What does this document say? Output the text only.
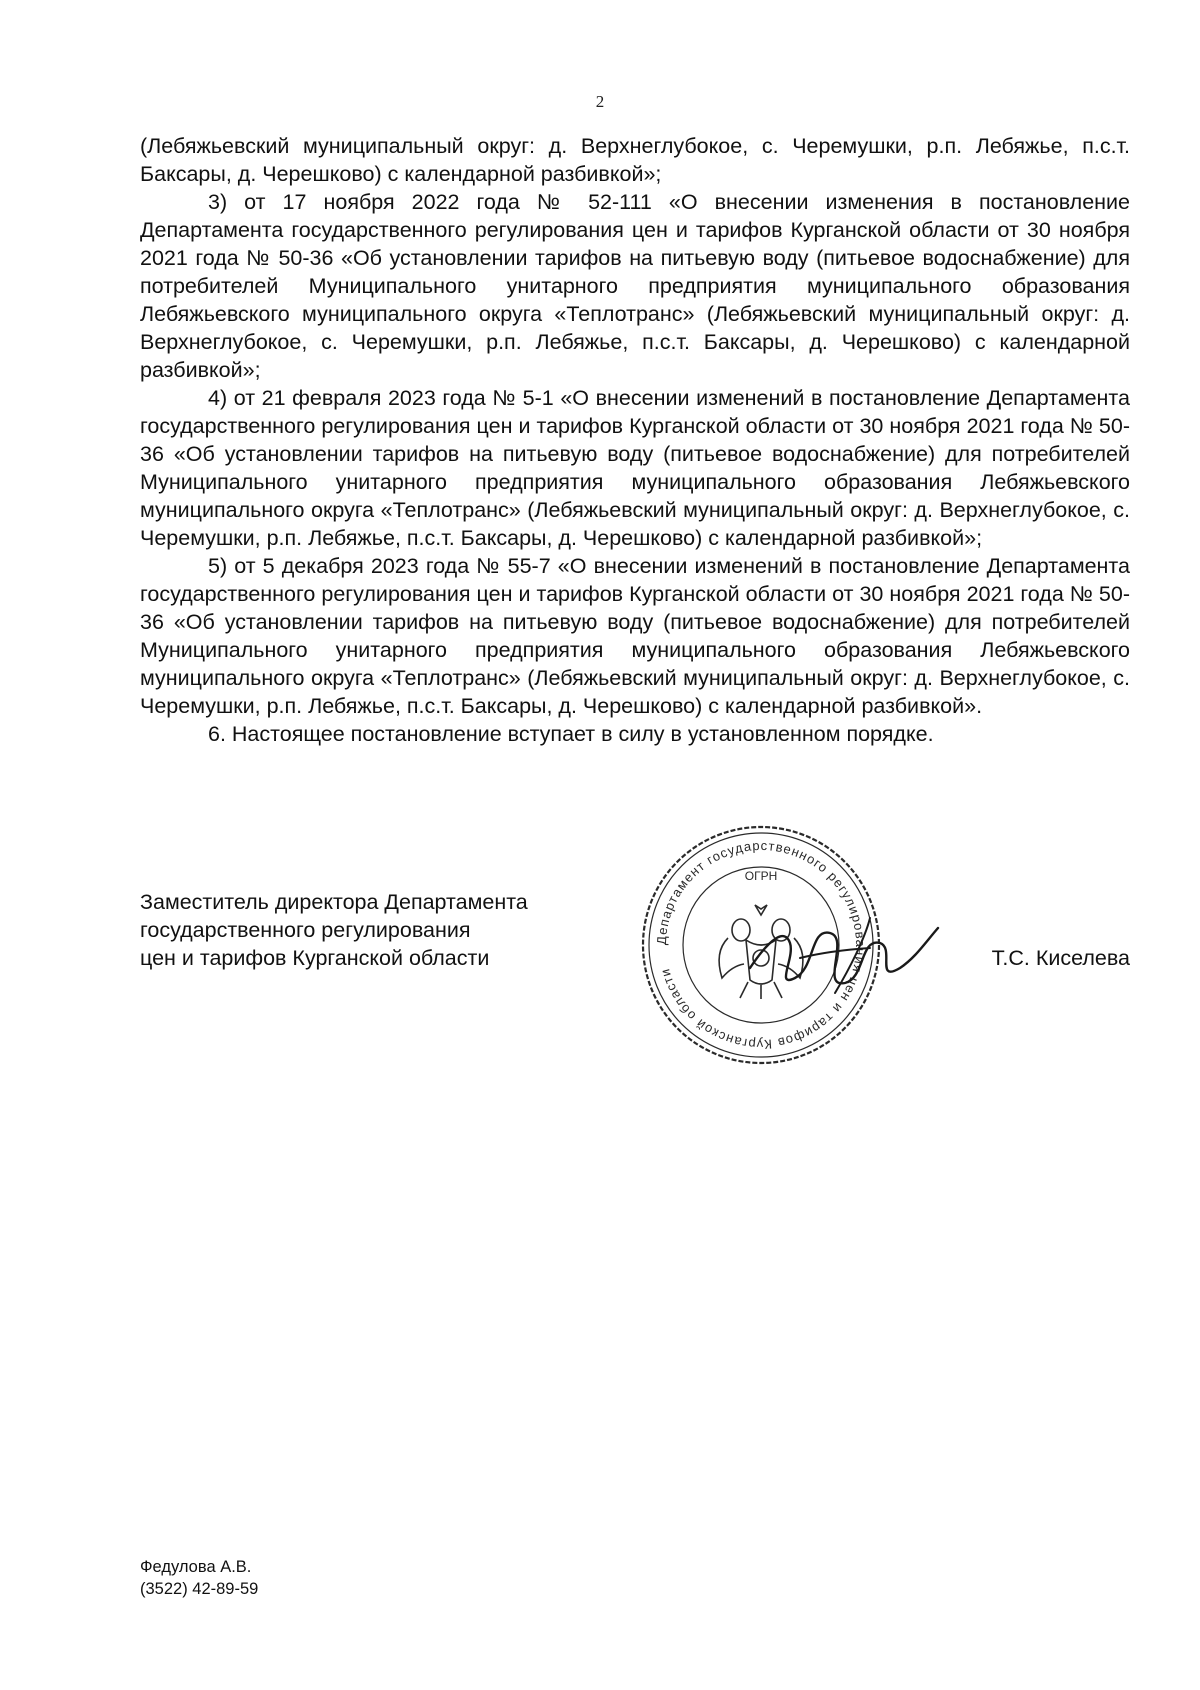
2

(Лебяжьевский муниципальный округ: д. Верхнеглубокое, с. Черемушки, р.п. Лебяжье, п.с.т. Баксары, д. Черешково) с календарной разбивкой»;

3) от 17 ноября 2022 года № 52-111 «О внесении изменения в постановление Департамента государственного регулирования цен и тарифов Курганской области от 30 ноября 2021 года № 50-36 «Об установлении тарифов на питьевую воду (питьевое водоснабжение) для потребителей Муниципального унитарного предприятия муниципального образования Лебяжьевского муниципального округа «Теплотранс» (Лебяжьевский муниципальный округ: д. Верхнеглубокое, с. Черемушки, р.п. Лебяжье, п.с.т. Баксары, д. Черешково) с календарной разбивкой»;

4) от 21 февраля 2023 года № 5-1 «О внесении изменений в постановление Департамента государственного регулирования цен и тарифов Курганской области от 30 ноября 2021 года № 50-36 «Об установлении тарифов на питьевую воду (питьевое водоснабжение) для потребителей Муниципального унитарного предприятия муниципального образования Лебяжьевского муниципального округа «Теплотранс» (Лебяжьевский муниципальный округ: д. Верхнеглубокое, с. Черемушки, р.п. Лебяжье, п.с.т. Баксары, д. Черешково) с календарной разбивкой»;

5) от 5 декабря 2023 года № 55-7 «О внесении изменений в постановление Департамента государственного регулирования цен и тарифов Курганской области от 30 ноября 2021 года № 50-36 «Об установлении тарифов на питьевую воду (питьевое водоснабжение) для потребителей Муниципального унитарного предприятия муниципального образования Лебяжьевского муниципального округа «Теплотранс» (Лебяжьевский муниципальный округ: д. Верхнеглубокое, с. Черемушки, р.п. Лебяжье, п.с.т. Баксары, д. Черешково) с календарной разбивкой».

6. Настоящее постановление вступает в силу в установленном порядке.

Заместитель директора Департамента
государственного регулирования
цен и тарифов Курганской области
Департамент государственного регулирования цен и тарифов Курганской области
ОГРН
Т.С. Киселева
Федулова А.В.
(3522) 42-89-59
